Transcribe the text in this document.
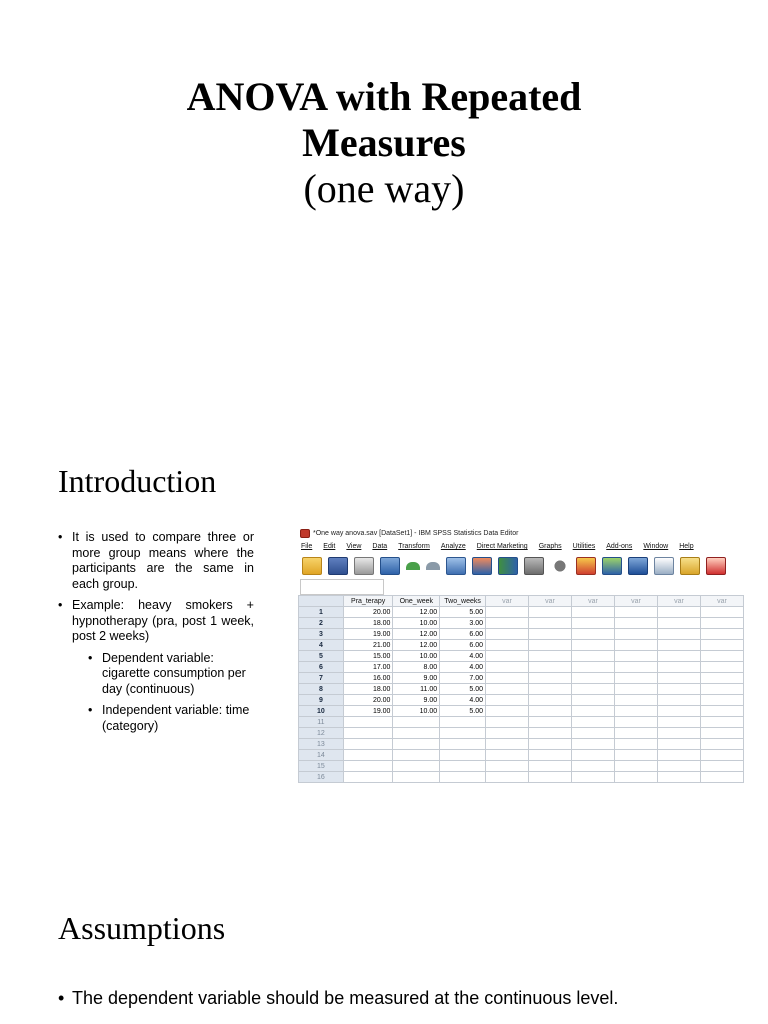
ANOVA with Repeated
Measures
(one way)
Introduction
• It is used to compare three or more group means where the participants are the same in each group.
• Example: heavy smokers + hypnotherapy (pra, post 1 week, post 2 weeks)
• Dependent variable: cigarette consumption per day (continuous)
• Independent variable: time (category)
*One way anova.sav [DataSet1] - IBM SPSS Statistics Data Editor
File Edit View Data Transform Analyze Direct Marketing Graphs Utilities Add-ons Window Help
	Pra_terapy	One_week	Two_weeks	var	var	var	var	var	var
1	20.00	12.00	5.00						
2	18.00	10.00	3.00						
3	19.00	12.00	6.00						
4	21.00	12.00	6.00						
5	15.00	10.00	4.00						
6	17.00	8.00	4.00						
7	16.00	9.00	7.00						
8	18.00	11.00	5.00						
9	20.00	9.00	4.00						
10	19.00	10.00	5.00						
11									
12									
13									
14									
15									
16									
Assumptions
• The dependent variable should be measured at the continuous level.
